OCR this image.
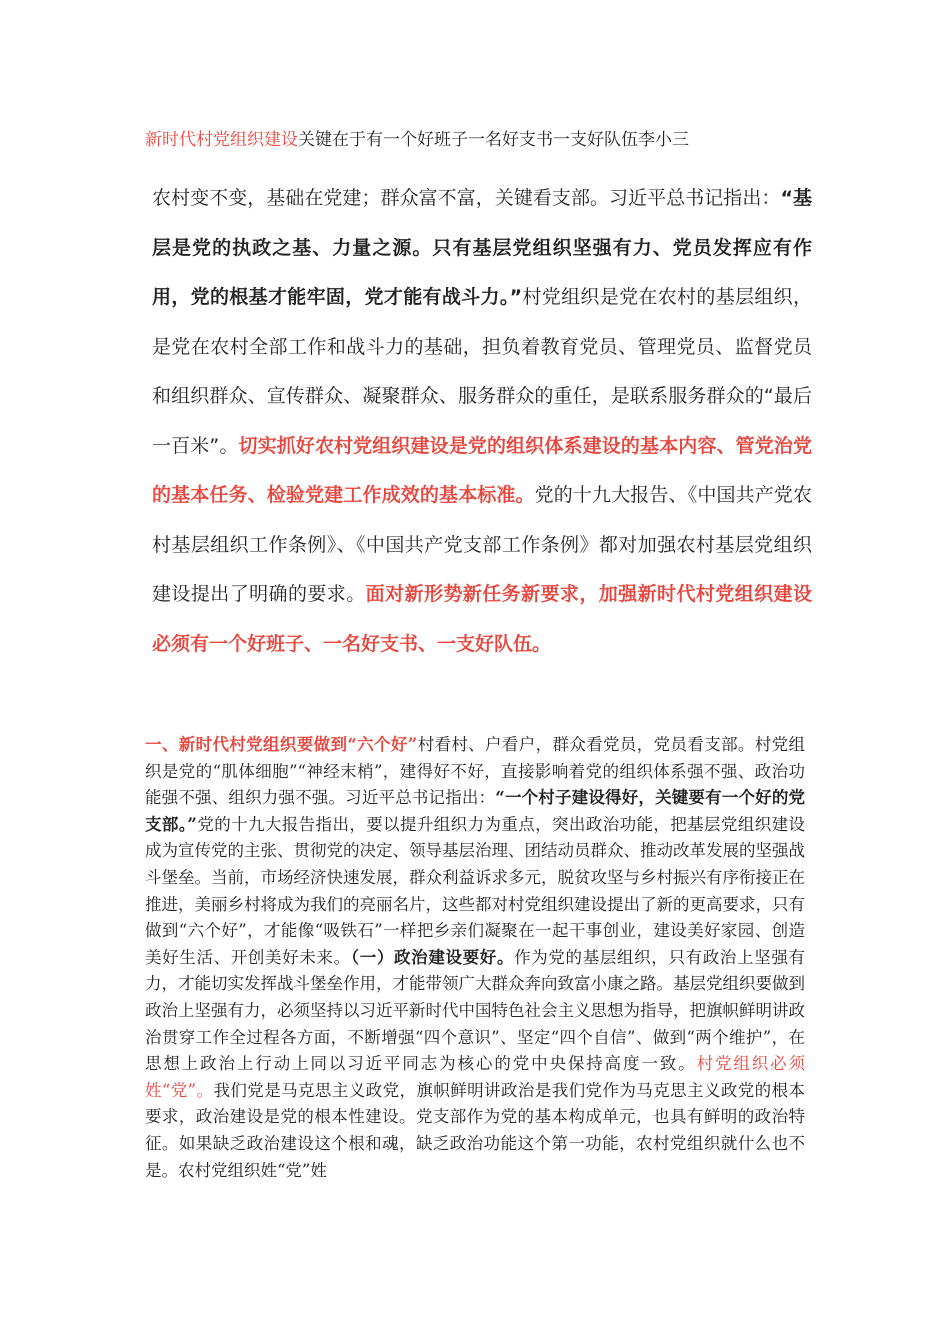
新时代村党组织建设关键在于有一个好班子一名好支书一支好队伍李小三

农村变不变，基础在党建；群众富不富，关键看支部。习近平总书记指出：“基层是党的执政之基、力量之源。只有基层党组织坚强有力、党员发挥应有作用，党的根基才能牢固，党才能有战斗力。”村党组织是党在农村的基层组织，是党在农村全部工作和战斗力的基础，担负着教育党员、管理党员、监督党员和组织群众、宣传群众、凝聚群众、服务群众的重任，是联系服务群众的“最后一百米”。切实抓好农村党组织建设是党的组织体系建设的基本内容、管党治党的基本任务、检验党建工作成效的基本标准。党的十九大报告、《中国共产党农村基层组织工作条例》、《中国共产党支部工作条例》都对加强农村基层党组织建设提出了明确的要求。面对新形势新任务新要求，加强新时代村党组织建设必须有一个好班子、一名好支书、一支好队伍。

一、新时代村党组织要做到“六个好”村看村、户看户，群众看党员，党员看支部。村党组织是党的“肌体细胞”“神经末梢”，建得好不好，直接影响着党的组织体系强不强、政治功能强不强、组织力强不强。习近平总书记指出：“一个村子建设得好，关键要有一个好的党支部。”党的十九大报告指出，要以提升组织力为重点，突出政治功能，把基层党组织建设成为宣传党的主张、贯彻党的决定、领导基层治理、团结动员群众、推动改革发展的坚强战斗堡垒。当前，市场经济快速发展，群众利益诉求多元，脱贫攻坚与乡村振兴有序衔接正在推进，美丽乡村将成为我们的亮丽名片，这些都对村党组织建设提出了新的更高要求，只有做到“六个好”，才能像“吸铁石”一样把乡亲们凝聚在一起干事创业，建设美好家园、创造美好生活、开创美好未来。（一）政治建设要好。作为党的基层组织，只有政治上坚强有力，才能切实发挥战斗堡垒作用，才能带领广大群众奔向致富小康之路。基层党组织要做到政治上坚强有力，必须坚持以习近平新时代中国特色社会主义思想为指导，把旗帜鲜明讲政治贯穿工作全过程各方面，不断增强“四个意识”、坚定“四个自信”、做到“两个维护”，在思想上政治上行动上同以习近平同志为核心的党中央保持高度一致。村党组织必须姓“党”。我们党是马克思主义政党，旗帜鲜明讲政治是我们党作为马克思主义政党的根本要求，政治建设是党的根本性建设。党支部作为党的基本构成单元，也具有鲜明的政治特征。如果缺乏政治建设这个根和魂，缺乏政治功能这个第一功能，农村党组织就什么也不是。农村党组织姓“党”姓
